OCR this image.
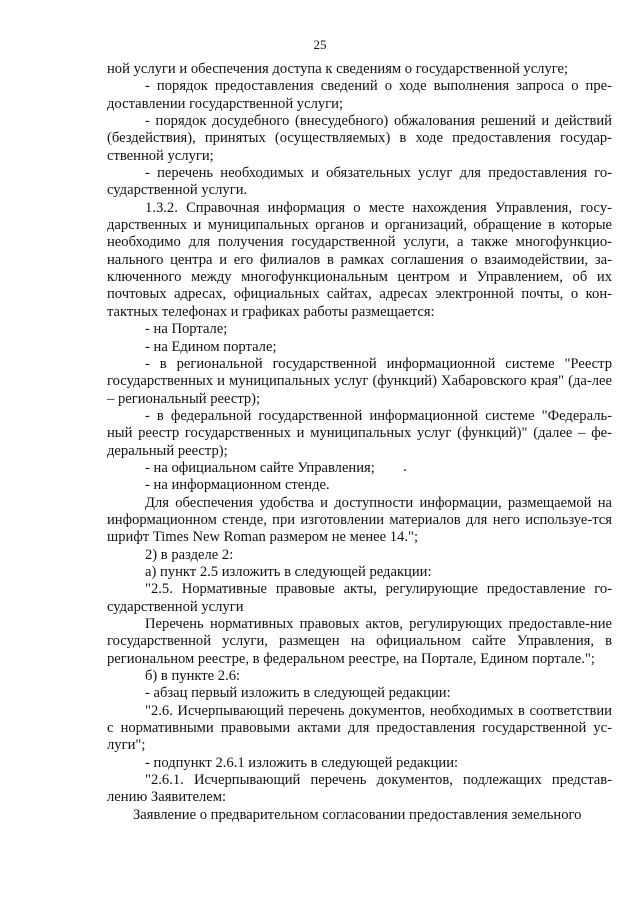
25

ной услуги и обеспечения доступа к сведениям о государственной услуге;

- порядок предоставления сведений о ходе выполнения запроса о пре-доставлении государственной услуги;

- порядок досудебного (внесудебного) обжалования решений и действий (бездействия), принятых (осуществляемых) в ходе предоставления государ-ственной услуги;

- перечень необходимых и обязательных услуг для предоставления го-сударственной услуги.

1.3.2. Справочная информация о месте нахождения Управления, госу-дарственных и муниципальных органов и организаций, обращение в которые необходимо для получения государственной услуги, а также многофункцио-нального центра и его филиалов в рамках соглашения о взаимодействии, за-ключенного между многофункциональным центром и Управлением, об их почтовых адресах, официальных сайтах, адресах электронной почты, о кон-тактных телефонах и графиках работы размещается:

- на Портале;

- на Едином портале;

- в региональной государственной информационной системе "Реестр государственных и муниципальных услуг (функций) Хабаровского края" (да-лее – региональный реестр);

- в федеральной государственной информационной системе "Федераль-ный реестр государственных и муниципальных услуг (функций)" (далее – фе-деральный реестр);

- на официальном сайте Управления;

- на информационном стенде.

Для обеспечения удобства и доступности информации, размещаемой на информационном стенде, при изготовлении материалов для него используе-тся шрифт Times New Roman размером не менее 14.";

2) в разделе 2:

а) пункт 2.5 изложить в следующей редакции:

"2.5. Нормативные правовые акты, регулирующие предоставление го-сударственной услуги

Перечень нормативных правовых актов, регулирующих предоставле-ние государственной услуги, размещен на официальном сайте Управления, в региональном реестре, в федеральном реестре, на Портале, Едином портале.";

б) в пункте 2.6:

- абзац первый изложить в следующей редакции:

"2.6. Исчерпывающий перечень документов, необходимых в соответствии с нормативными правовыми актами для предоставления государственной ус-луги";

- подпункт 2.6.1 изложить в следующей редакции:

"2.6.1. Исчерпывающий перечень документов, подлежащих представ-лению Заявителем:

Заявление о предварительном согласовании предоставления земельного
